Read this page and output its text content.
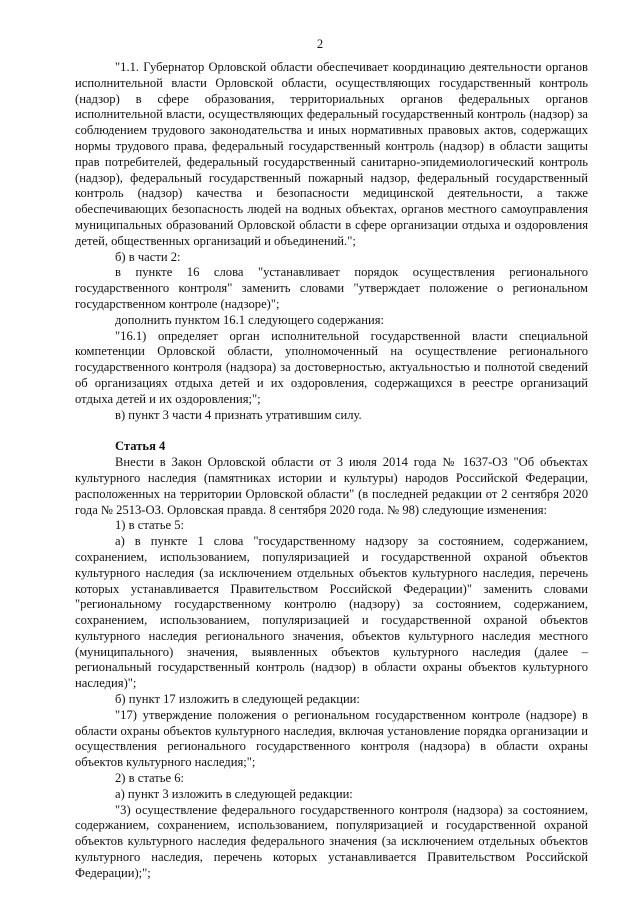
2

"1.1. Губернатор Орловской области обеспечивает координацию деятельности органов исполнительной власти Орловской области, осуществляющих государственный контроль (надзор) в сфере образования, территориальных органов федеральных органов исполнительной власти, осуществляющих федеральный государственный контроль (надзор) за соблюдением трудового законодательства и иных нормативных правовых актов, содержащих нормы трудового права, федеральный государственный контроль (надзор) в области защиты прав потребителей, федеральный государственный санитарно-эпидемиологический контроль (надзор), федеральный государственный пожарный надзор, федеральный государственный контроль (надзор) качества и безопасности медицинской деятельности, а также обеспечивающих безопасность людей на водных объектах, органов местного самоуправления муниципальных образований Орловской области в сфере организации отдыха и оздоровления детей, общественных организаций и объединений.";

б) в части 2:

в пункте 16 слова "устанавливает порядок осуществления регионального государственного контроля" заменить словами "утверждает положение о региональном государственном контроле (надзоре)";

дополнить пунктом 16.1 следующего содержания:

"16.1) определяет орган исполнительной государственной власти специальной компетенции Орловской области, уполномоченный на осуществление регионального государственного контроля (надзора) за достоверностью, актуальностью и полнотой сведений об организациях отдыха детей и их оздоровления, содержащихся в реестре организаций отдыха детей и их оздоровления;";

в) пункт 3 части 4 признать утратившим силу.

Статья 4

Внести в Закон Орловской области от 3 июля 2014 года № 1637-ОЗ "Об объектах культурного наследия (памятниках истории и культуры) народов Российской Федерации, расположенных на территории Орловской области" (в последней редакции от 2 сентября 2020 года № 2513-ОЗ. Орловская правда. 8 сентября 2020 года. № 98) следующие изменения:

1) в статье 5:

а) в пункте 1 слова "государственному надзору за состоянием, содержанием, сохранением, использованием, популяризацией и государственной охраной объектов культурного наследия (за исключением отдельных объектов культурного наследия, перечень которых устанавливается Правительством Российской Федерации)" заменить словами "региональному государственному контролю (надзору) за состоянием, содержанием, сохранением, использованием, популяризацией и государственной охраной объектов культурного наследия регионального значения, объектов культурного наследия местного (муниципального) значения, выявленных объектов культурного наследия (далее – региональный государственный контроль (надзор) в области охраны объектов культурного наследия)";

б) пункт 17 изложить в следующей редакции:

"17) утверждение положения о региональном государственном контроле (надзоре) в области охраны объектов культурного наследия, включая установление порядка организации и осуществления регионального государственного контроля (надзора) в области охраны объектов культурного наследия;";

2) в статье 6:

а) пункт 3 изложить в следующей редакции:

"3) осуществление федерального государственного контроля (надзора) за состоянием, содержанием, сохранением, использованием, популяризацией и государственной охраной объектов культурного наследия федерального значения (за исключением отдельных объектов культурного наследия, перечень которых устанавливается Правительством Российской Федерации);";
